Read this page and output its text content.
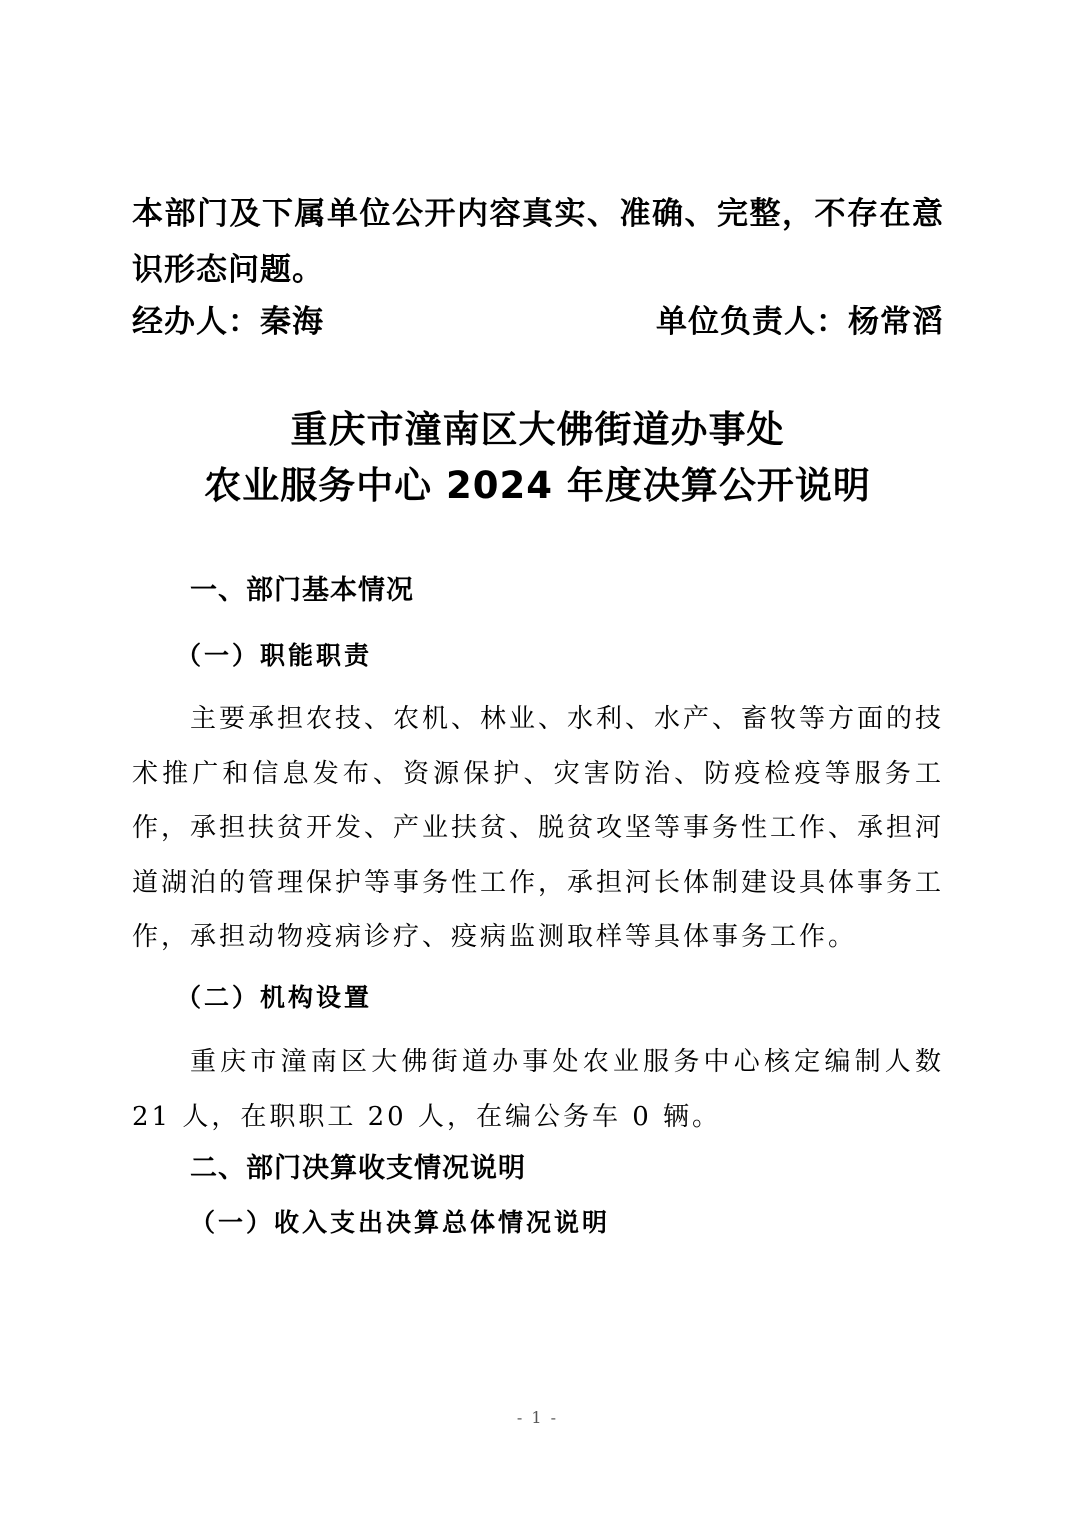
本部门及下属单位公开内容真实、准确、完整，不存在意识形态问题。

经办人：秦海	单位负责人：杨常滔
重庆市潼南区大佛街道办事处
农业服务中心 2024 年度决算公开说明
一、部门基本情况
（一）职能职责

主要承担农技、农机、林业、水利、水产、畜牧等方面的技术推广和信息发布、资源保护、灾害防治、防疫检疫等服务工作，承担扶贫开发、产业扶贫、脱贫攻坚等事务性工作、承担河道湖泊的管理保护等事务性工作，承担河长体制建设具体事务工作，承担动物疫病诊疗、疫病监测取样等具体事务工作。

（二）机构设置

重庆市潼南区大佛街道办事处农业服务中心核定编制人数 21 人，在职职工 20 人，在编公务车 0 辆。

二、部门决算收支情况说明
（一）收入支出决算总体情况说明
- 1 -
